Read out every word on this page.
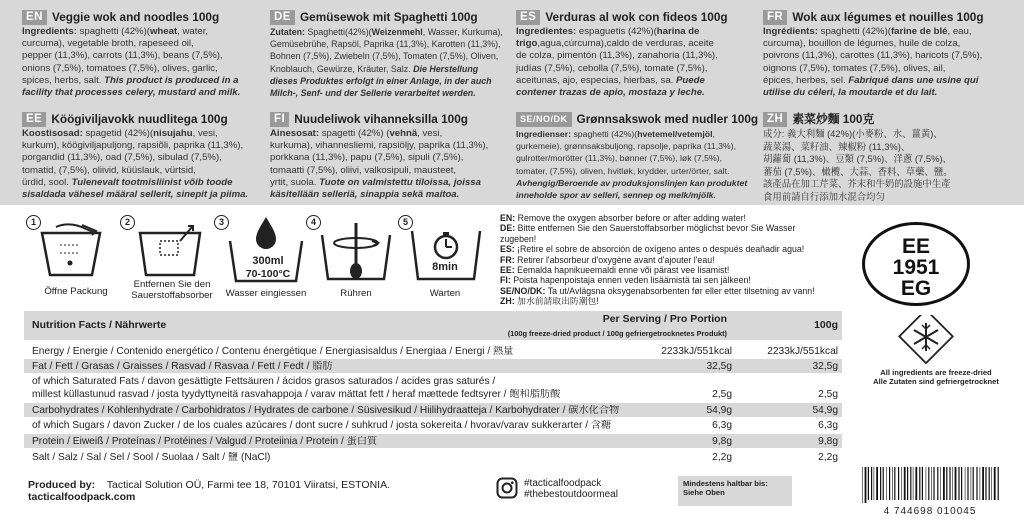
EN Veggie wok and noodles 100g
Ingredients: spaghetti (42%)(wheat, water,
curcuma), vegetable broth, rapeseed oil,
pepper (11,3%), carrots (11,3%), beans (7,5%),
onions (7,5%), tomatoes (7,5%), olives, garlic,
spices, herbs, salt. This product is produced in a
facility that processes celery, mustard and milk.
DE Gemüsewok mit Spaghetti 100g
Zutaten: Spaghetti(42%)(Weizenmehl, Wasser, Kurkuma),
Gemüsebrühe, Rapsöl, Paprika (11,3%), Karotten (11,3%),
Bohnen (7,5%), Zwiebeln (7,5%), Tomaten (7,5%), Oliven,
Knoblauch, Gewürze, Kräuter, Salz. Die Herstellung
dieses Produktes erfolgt in einer Anlage, in der auch
Milch-, Senf- und der Sellerie verarbeitet werden.
ES Verduras al wok con fideos 100g
Ingredientes: espaguetis (42%)(harina de
trigo,agua,cúrcuma),caldo de verduras, aceite
de colza, pimentón (11,3%), zanahoria (11,3%),
judías (7,5%), cebolla (7,5%), tomate (7,5%),
aceitunas, ajo, especias, hierbas, sa. Puede
contener trazas de apio, mostaza y leche.
FR Wok aux légumes et nouilles 100g
Ingrédients: spaghetti (42%)(farine de blé, eau,
curcuma), bouillon de légumes, huile de colza,
poivrons (11,3%), carottes (11,3%), haricots (7,5%),
oignons (7,5%), tomates (7,5%), olives, ail,
épices, herbes, sel. Fabriqué dans une usine qui
utilise du céleri, la moutarde et du lait.
EE Köögiviljavokk nuudlitega 100g
Koostisosad: spagetid (42%)(nisujahu, vesi,
kurkum), köögiviljapuljong, rapsiõli, paprika (11,3%),
porgandid (11,3%), oad (7,5%), sibulad (7,5%),
tomatid, (7,5%), oliivid, küüslauk, vürtsid,
ürdid, sool. Tulenevalt tootmisliinist võib toode
sisaldada vähesel määral sellerit, sinepit ja piima.
FI Nuudeliwok vihanneksilla 100g
Ainesosat: spagetti (42%) (vehnä, vesi,
kurkuma), vihannesliemi, rapsiöljy, paprika (11,3%),
porkkana (11,3%), papu (7,5%), sipuli (7,5%),
tomaatti (7,5%), oliivi, valkosipuli, mausteet,
yrtit, suola. Tuote on valmistettu tiloissa, joissa
käsitellään selleriä, sinappia sekä maitoa.
SE/NO/DK Grønnsakswok med nudler 100g
Ingredienser: spaghetti (42%)(hvetemel/vetemjöl,
gurkemeie), grønnsaksbuljong, rapsolje, paprika (11,3%),
gulrotter/morötter (11,3%), bønner (7,5%), løk (7,5%),
tomater, (7,5%), oliven, hvitløk, krydder, urter/örter, salt.
Avhengig/Beroende av produksjonslinjen kan produktet
inneholde spor av selleri, sennep og melk/mjölk.
ZH 素菜炒麵 100克
成分: 義大利麵 (42%)(小麥粉、水、薑黃)、
蔬菜湯、菜籽油、辣椒粉 (11,3%)、
胡蘿蔔 (11,3%)、豆類 (7,5%)、洋蔥 (7,5%)、
蕃茄 (7,5%)、橄欖、大蒜、香料、草藥、鹽。
該產品在加工芹菜、芥末和牛奶的設施中生產
食用前請自行添加水混合均匀
1
Öffne Packung
2
Entfernen Sie den Sauerstoffabsorber
3
300ml
70-100°C
Wasser eingiessen
4
Rühren
5
8min
Warten
EN: Remove the oxygen absorber before or after adding water!
DE: Bitte entfernen Sie den Sauerstoffabsorber möglichst bevor Sie Wasser zugeben!
ES: ¡Retire el sobre de absorción de oxígeno antes o después deañadir agua!
FR: Retirer l'absorbeur d'oxygène avant d'ajouter l'eau!
EE: Eemalda hapnikueemaldi enne või pärast vee lisamist!
FI: Poista hapenpoistaja ennen veden lisäämistä tai sen jälkeen!
SE/NO/DK: Ta ut/Avlägsna oksygenabsorbenten før eller etter tilsetning av vann!
ZH: 加水前請取出防潮包!
EE
1951
EG
Nutrition Facts / Nährwerte	Per Serving / Pro Portion
(100g freeze-dried product / 100g gefriergetrocknetes Produkt)
100g
Energy / Energie / Contenido energético / Contenu énergétique / Energiasisaldus / Energiaa / Energi / 熱量	2233kJ/551kcal	2233kJ/551kcal
Fat / Fett / Grasas / Graisses / Rasvad / Rasvaa / Fett / Fedt / 脂肪	32,5g	32,5g
of which Saturated Fats / davon gesättigte Fettsäuren / ácidos grasos saturados / acides gras saturés /
millest küllastunud rasvad / josta tyydyttyneitä rasvahappoja / varav mättat fett / heraf mættede fedtsyrer / 飽和脂肪酸	2,5g	2,5g
Carbohydrates / Kohlenhydrate / Carbohidratos / Hydrates de carbone / Süsivesikud / Hiilihydraatteja / Karbohydrater / 碳水化合物	54,9g	54,9g
of which Sugars / davon Zucker / de los cuales azúcares / dont sucre / suhkrud / josta sokereita / hvorav/varav sukkerarter / 含糖	6,3g	6,3g
Protein / Eiweiß / Proteínas / Protéines / Valgud / Proteiinia / Protein / 蛋白質	9,8g	9,8g
Salt / Salz / Sal / Sel / Sool / Suolaa / Salt / 鹽 (NaCl)	2,2g	2,2g
All ingredients are freeze-dried
Alle Zutaten sind gefriergetrocknet
Produced by: Tactical Solution OÜ, Farmi tee 18, 70101 Viiratsi, ESTONIA.
tacticalfoodpack.com
#tacticalfoodpack
#thebestoutdoormeal
Mindestens haltbar bis:
Siehe Oben
4 744698 010045
